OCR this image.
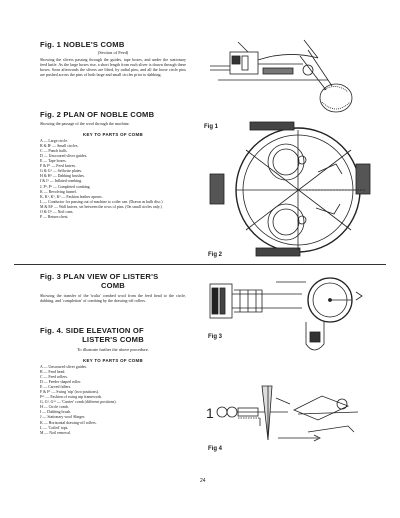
Fig. 1 NOBLE'S COMB
(Section of Feed)
Showing the slivers passing through the guides, tape boxes, and under the stationary feed knife. As the large boxes rise, a short length from each sliver is drawn through these boxes. Soon afterwards the slivers are lifted, by radial pins, and all the loose circle pins are pushed across the pins of both large and small circles prior to dabbing.
Fig. 2 PLAN OF NOBLE COMB
Showing the passage of the wool through the machine.
KEY TO PARTS OF COMB
A — Large circle.
B & B¹ — Small circles.
C — Punch balls.
D — Unscoured sliver guides.
E — Tape boxes.
F & F¹ — Feed knives.
G & G¹ — Selfwise plates.
H & H¹ — Dabbing brushes.
I & I¹ — Inflated combing.
J, P¹, P² — Completed combing.
K — Revolving funnel.
K, K¹, K², K³ — Fashion leather aprons.
L — Conductor for passing out of machine to coiler can. (Drawn as bulb disc.)
M & M¹ — Wall knives, set between the rows of pins. (On small circles only.)
O & O¹ — Noil cans.
P — Return chest.
Fig. 3 PLAN VIEW OF LISTER'S
COMB
Showing the transfer of the 'trulia' combed wool from the feed head to the circle, dabbing, and 'completion' of combing by the drawing-off rollers.
Fig. 4. SIDE ELEVATION OF
LISTER'S COMB
To illustrate further the above procedure.
KEY TO PARTS OF COMB
A — Unscoured sliver guides.
B — Feed head.
C — Feed rollers.
D — Feeder shaped roller.
E — Carved fallers.
F & F¹ — Swing 'nip' (two positions).
F¹¹ — Fashion of swing nip framework.
G, G¹, G¹¹ — 'Carrier' comb (different positions).
H — Circle comb.
I — Dabbing brush.
J — Stationary wool Slinger.
K — Horizontal drawing-off rollers.
L — 'Coiled' tops.
M — Noil removal.
Fig 1
Fig 2
Fig 3
1
Fig 4
24
